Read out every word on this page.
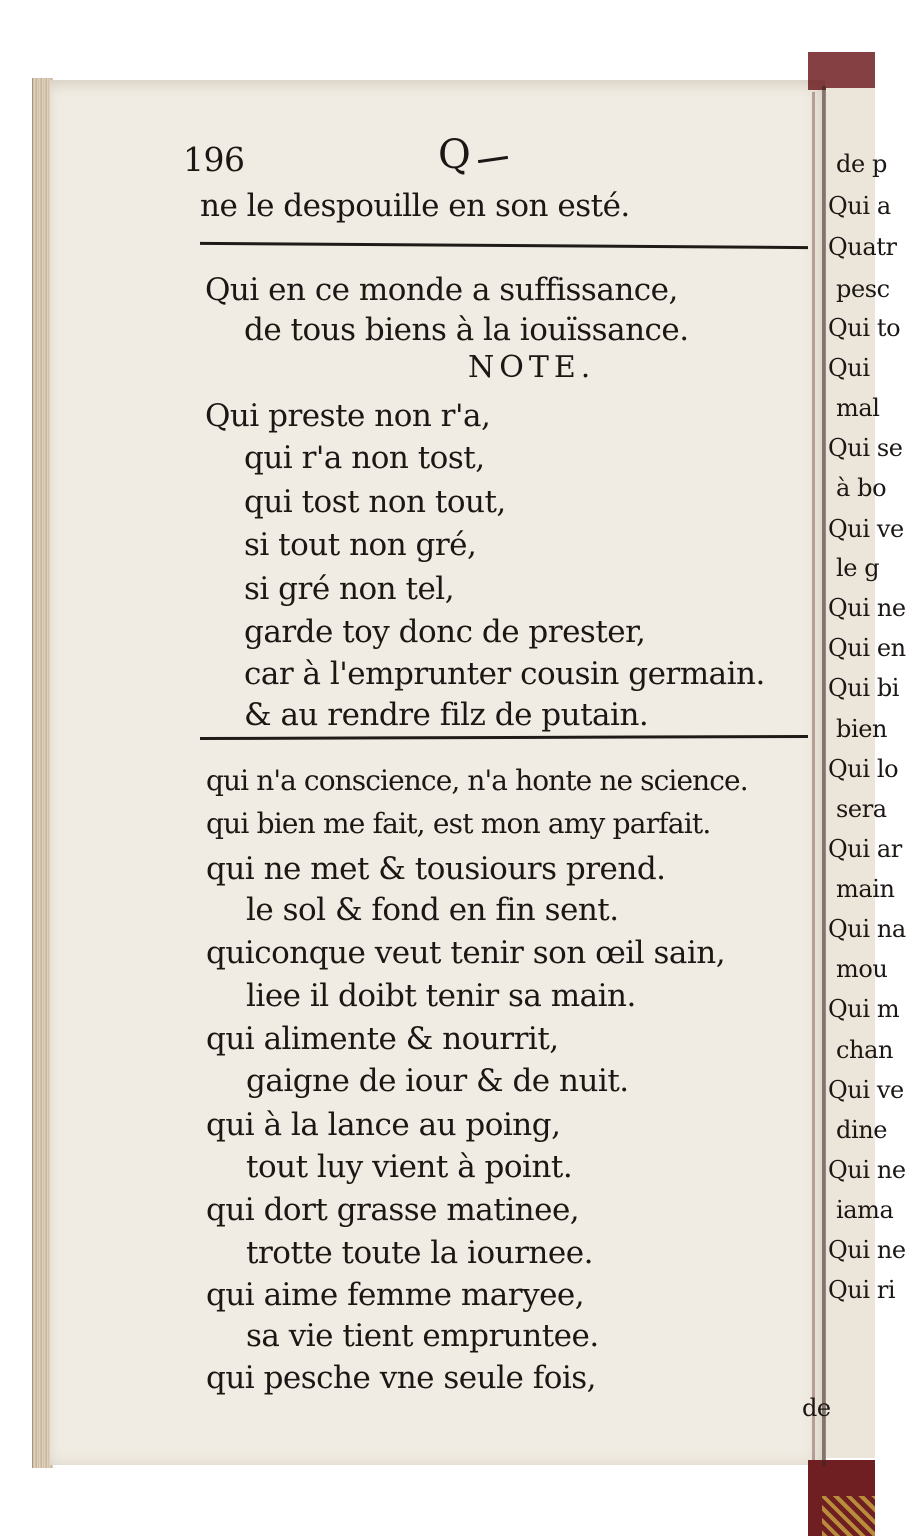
de p
Qui a
Quatr
pesc
Qui to
Qui
mal
Qui se
à bo
Qui ve
le g
Qui ne
Qui en
Qui bi
bien
Qui lo
sera
Qui ar
main
Qui na
mou
Qui m
chan
Qui ve
dine
Qui ne
iama
Qui ne
Qui ri
196	Q
ne le despouille en son esté.
Qui en ce monde a suffissance,
de tous biens à la iouïssance.
NOTE.
Qui preste non r'a,
qui r'a non tost,
qui tost non tout,
si tout non gré,
si gré non tel,
garde toy donc de prester,
car à l'emprunter cousin germain.
& au rendre filz de putain.
qui n'a conscience, n'a honte ne science.
qui bien me fait, est mon amy parfait.
qui ne met & tousiours prend.
le sol & fond en fin sent.
quiconque veut tenir son œil sain,
liee il doibt tenir sa main.
qui alimente & nourrit,
gaigne de iour & de nuit.
qui à la lance au poing,
tout luy vient à point.
qui dort grasse matinee,
trotte toute la iournee.
qui aime femme maryee,
sa vie tient empruntee.
qui pesche vne seule fois,
de
